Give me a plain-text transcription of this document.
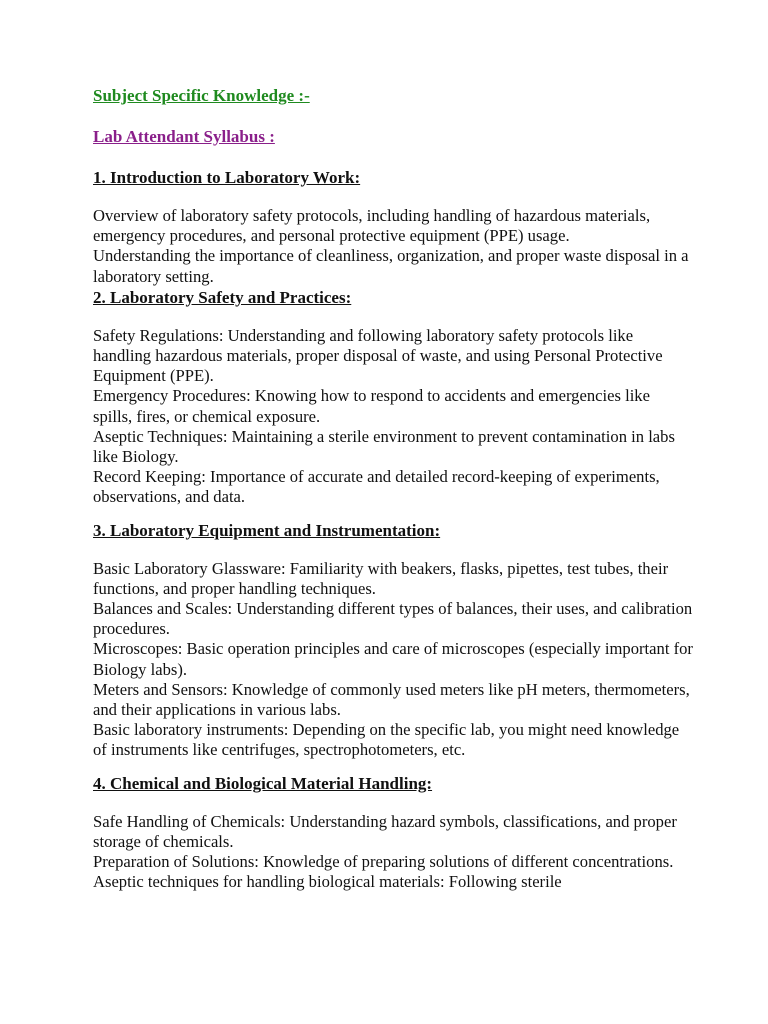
Subject Specific Knowledge :-

Lab Attendant Syllabus :

1. Introduction to Laboratory Work:

Overview of laboratory safety protocols, including handling of hazardous materials, emergency procedures, and personal protective equipment (PPE) usage.

Understanding the importance of cleanliness, organization, and proper waste disposal in a laboratory setting.

2. Laboratory Safety and Practices:

Safety Regulations: Understanding and following laboratory safety protocols like handling hazardous materials, proper disposal of waste, and using Personal Protective Equipment (PPE).

Emergency Procedures: Knowing how to respond to accidents and emergencies like spills, fires, or chemical exposure.

Aseptic Techniques: Maintaining a sterile environment to prevent contamination in labs like Biology.

Record Keeping: Importance of accurate and detailed record-keeping of experiments, observations, and data.

3. Laboratory Equipment and Instrumentation:

Basic Laboratory Glassware: Familiarity with beakers, flasks, pipettes, test tubes, their functions, and proper handling techniques.

Balances and Scales: Understanding different types of balances, their uses, and calibration procedures.

Microscopes: Basic operation principles and care of microscopes (especially important for Biology labs).

Meters and Sensors: Knowledge of commonly used meters like pH meters, thermometers, and their applications in various labs.

Basic laboratory instruments: Depending on the specific lab, you might need knowledge of instruments like centrifuges, spectrophotometers, etc.

4. Chemical and Biological Material Handling:

Safe Handling of Chemicals: Understanding hazard symbols, classifications, and proper storage of chemicals.

Preparation of Solutions: Knowledge of preparing solutions of different concentrations.

Aseptic techniques for handling biological materials: Following sterile
